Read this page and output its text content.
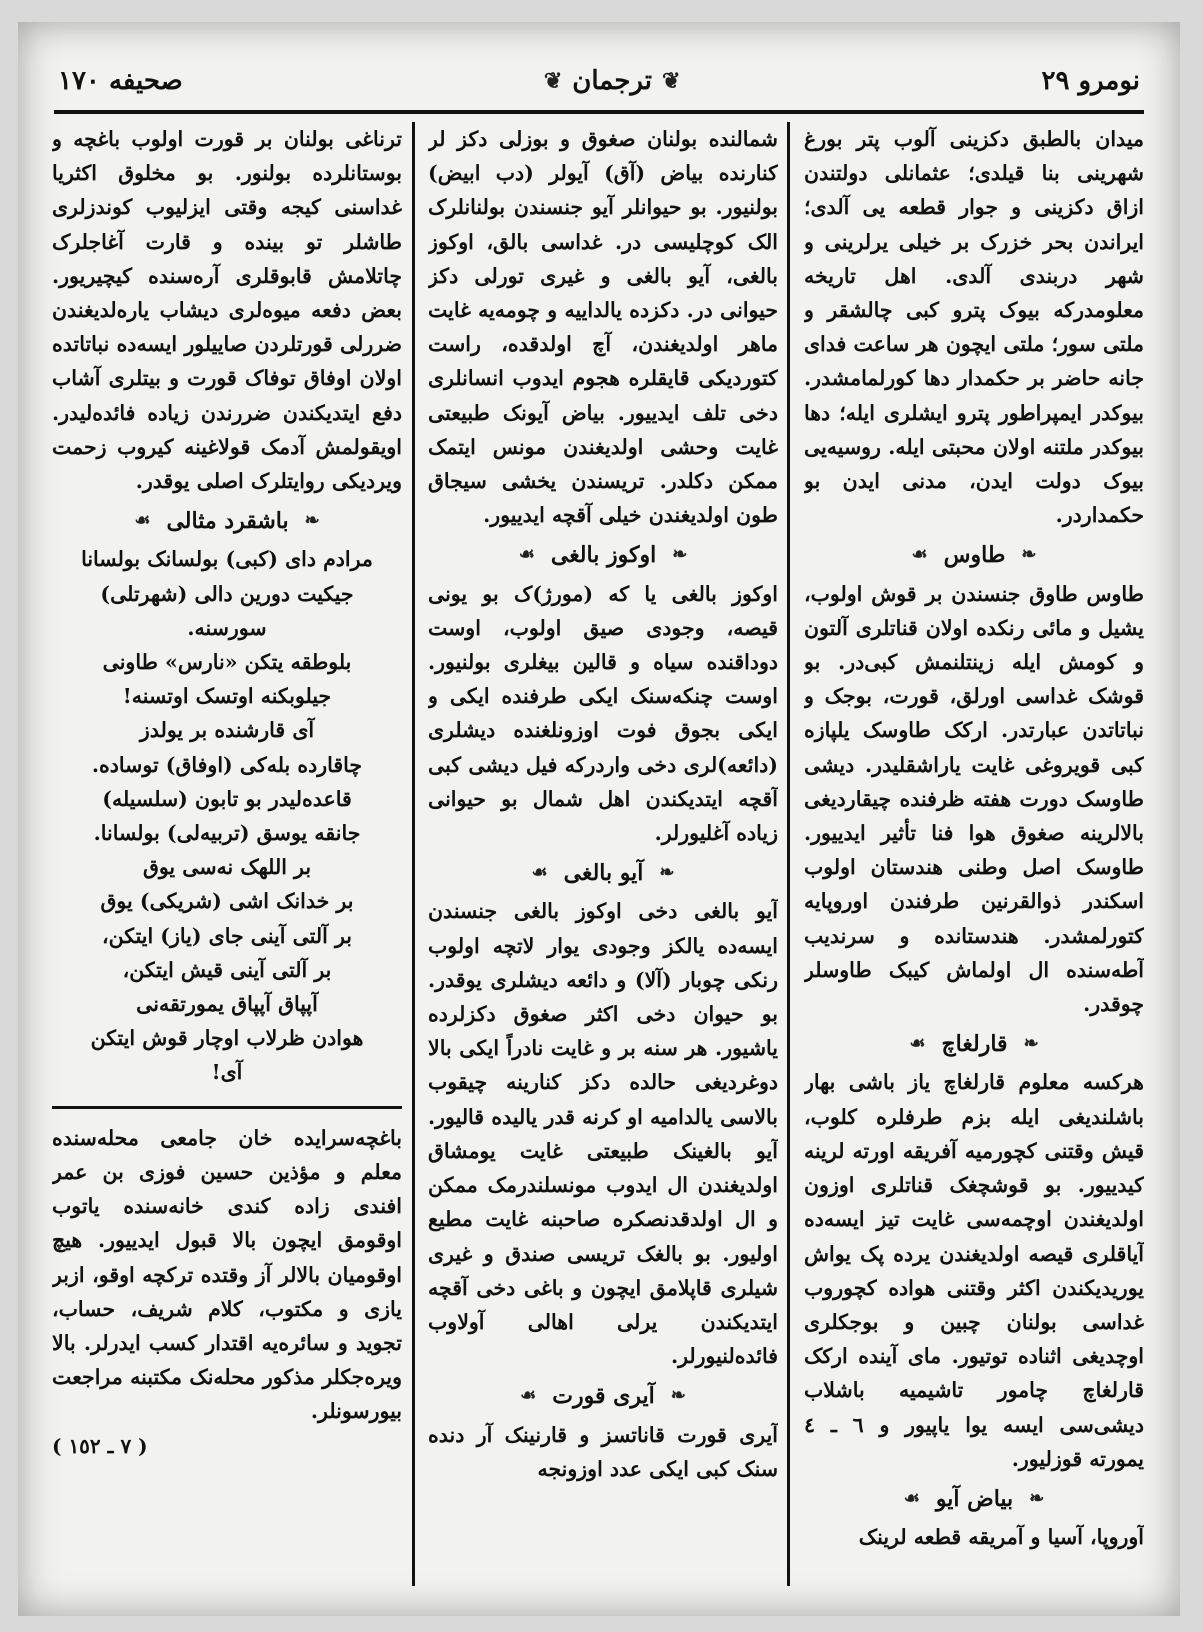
نومرو ٢٩
❦
ترجمان
❦
صحیفه ١٧٠

میدان بالطبق دکزینی آلوب پتر بورغ شهرینی بنا قیلدی؛ عثمانلی دولتندن ازاق دکزینی و جوار قطعه یی آلدی؛ ایراندن بحر خزرک بر خیلی یرلرینی و شهر دربندی آلدی. اهل تاریخه معلومدرکه بیوک پترو کبی چالشقر و ملتی سور؛ ملتی ایچون هر ساعت فدای جانه حاضر بر حکمدار دها کورلمامشدر. بیوکدر ایمپراطور پترو ایشلری ایله؛ دها بیوکدر ملتنه اولان محبتی ایله. روسیه‌یی بیوک دولت ایدن، مدنی ایدن بو حکمداردر.

❧
طاوس
☙

طاوس طاوق جنسندن بر قوش اولوب، یشیل و مائی رنکده اولان قناتلری آلتون و کومش ایله زینتلنمش کبی‌در. بو قوشک غداسی اورلق، قورت، بوجک و نباتاتدن عبارتدر. ارکک طاوسک یلپازه کبی قویروغی غایت یاراشقلیدر. دیشی طاوسک دورت هفته ظرفنده چیقاردیغی بالالرینه صغوق هوا فنا تأثیر ایدییور. طاوسک اصل وطنی هندستان اولوب اسکندر ذوالقرنین طرفندن اوروپایه کتورلمشدر. هندستانده و سرندیب آطه‌سنده ال اولماش کیبک طاوسلر چوقدر.

❧
قارلغاچ
☙

هرکسه معلوم قارلغاچ یاز باشی بهار باشلندیغی ایله بزم طرفلره کلوب، قیش وقتنی کچورمیه آفریقه اورته لرینه کیدییور. بو قوشچغک قناتلری اوزون اولدیغندن اوچمه‌سی غایت تیز ایسه‌ده آیاقلری قیصه اولدیغندن یرده پک یواش یوریدیکندن اکثر وقتنی هواده کچوروب غداسی بولنان چبین و بوجکلری اوچدیغی اثناده توتیور. مای آینده ارکک قارلغاچ چامور تاشیمیه باشلاب دیشی‌سی ایسه یوا یاپیور و ٦ ـ ٤ یمورته قوزلیور.

❧
بیاض آیو
☙

آوروپا، آسیا و آمریقه قطعه لرینک

شمالنده بولنان صغوق و بوزلی دکز لر کنارنده بیاض (آق) آیولر (دب ابیض) بولنیور. بو حیوانلر آیو جنسندن بولنانلرک الک کوچلیسی در. غداسی بالق، اوکوز بالغی، آیو بالغی و غیری تورلی دکز حیوانی در. دکزده یالداییه و چومه‌یه غایت ماهر اولدیغندن، آچ اولدقده، راست کتوردیکی قایقلره هجوم ایدوب انسانلری دخی تلف ایدییور. بیاض آیونک طبیعتی غایت وحشی اولدیغندن مونس ایتمک ممکن دکلدر. تریسندن یخشی سیجاق طون اولدیغندن خیلی آقچه ایدییور.

❧
اوکوز بالغی
☙

اوکوز بالغی یا که (مورژ)ک بو یونی قیصه، وجودی صیق اولوب، اوست دوداقنده سیاه و قالین بیغلری بولنیور. اوست چنکه‌سنک ایکی طرفنده ایکی و ایکی بجوق فوت اوزونلغنده دیشلری (دائعه)لری دخی واردرکه فیل دیشی کبی آقچه ایتدیکندن اهل شمال بو حیوانی زیاده آغلیورلر.

❧
آیو بالغی
☙

آیو بالغی دخی اوکوز بالغی جنسندن ایسه‌ده یالکز وجودی یوار لاتچه اولوب رنکی چوبار (آلا) و دائعه دیشلری یوقدر. بو حیوان دخی اکثر صغوق دکزلرده یاشیور. هر سنه بر و غایت نادراً ایکی بالا دوغردیغی حالده دکز کنارینه چیقوب بالاسی یالدامیه او کرنه قدر یالیده قالیور. آیو بالغینک طبیعتی غایت یومشاق اولدیغندن ال ایدوب مونسلندرمک ممکن و ال اولدقدنصکره صاحبنه غایت مطیع اولیور. بو بالغک تریسی صندق و غیری شیلری قاپلامق ایچون و باغی دخی آقچه ایتدیکندن یرلی اهالی آولاوب فائده‌لنیورلر.

❧
آیری قورت
☙

آیری قورت قاناتسز و قارنینک آر دنده سنک کبی ایکی عدد اوزونجه

ترناغی بولنان بر قورت اولوب باغچه و بوستانلرده بولنور. بو مخلوق اکثریا غداسنی کیجه وقتی ایزلیوب کوندزلری طاشلر تو بینده و قارت آغاجلرک چاتلامش قابوقلری آره‌سنده کیچیریور. بعض دفعه میوه‌لری دیشاب یاره‌لدیغندن ضررلی قورتلردن صاییلور ایسه‌ده نباتاتده اولان اوفاق توفاک قورت و بیتلری آشاب دفع ایتدیکندن ضررندن زیاده فائده‌لیدر. اویقولمش آدمک قولاغینه کیروب زحمت ویردیکی روایتلرک اصلی یوقدر.

❧
باشقرد مثالی
☙

مرادم دای (کبی) بولسانک بولسانا

جیکیت دورین دالی (شهرتلی)

سورسنه.

بلوطقه یتکن «نارس» طاونی

جیلوبکنه اوتسک اوتسنه!

آی قارشنده بر یولدز

چاقارده بله‌کی (اوفاق) توساده.

قاعده‌لیدر بو تابون (سلسیله)

جانقه یوسق (تربیه‌لی) بولسانا.

بر اللهک نه‌سی یوق

بر خدانک اشی (شریکی) یوق

بر آلتی آینی جای (یاز) ایتکن،

بر آلتی آینی قیش ایتکن،

آپپاق آپپاق یمورتقه‌نی

هوادن ظرلاب اوچار قوش ایتکن

آی!

باغچه‌سرایده خان جامعی محله‌سنده معلم و مؤذین حسین فوزی بن عمر افندی زاده کندی خانه‌سنده یاتوب اوقومق ایچون بالا قبول ایدییور. هیچ اوقومیان بالالر آز وقتده ترکچه اوقو، ازبر یازی و مکتوب، کلام شریف، حساب، تجوید و سائره‌یه اقتدار کسب ایدرلر. بالا ویره‌جکلر مذکور محله‌نک مکتبنه مراجعت بیورسونلر.

( ٧ ـ ١٥٢ )
